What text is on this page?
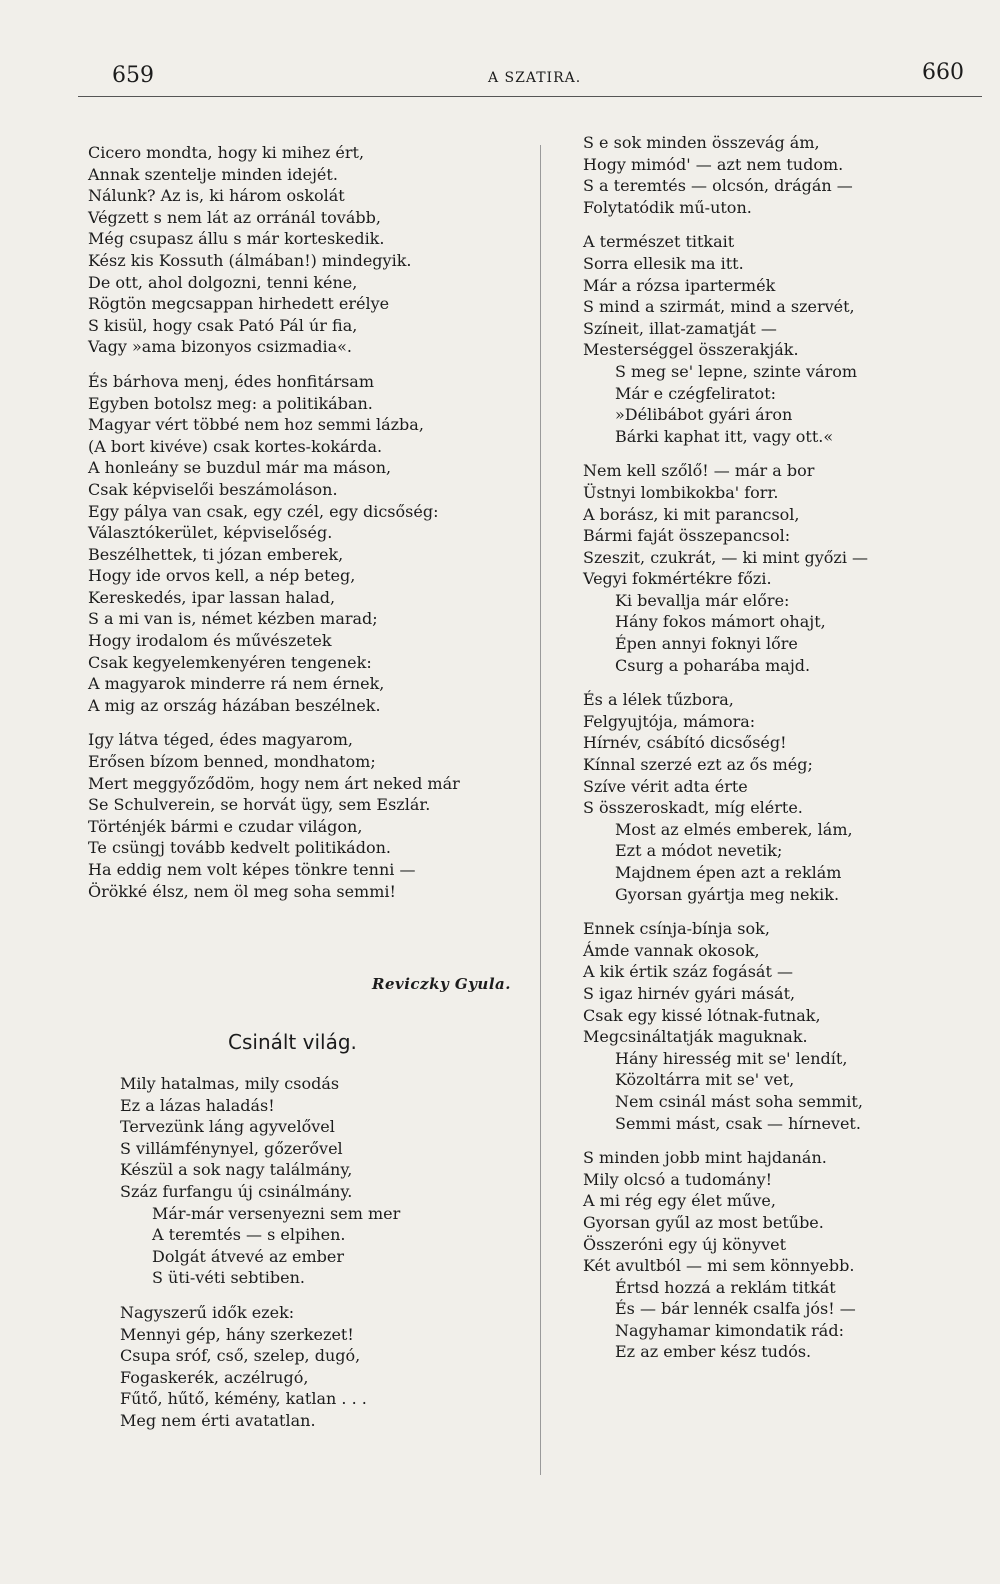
659	A SZATIRA.	660
Cicero mondta, hogy ki mihez ért,
Annak szentelje minden idejét.
Nálunk? Az is, ki három oskolát
Végzett s nem lát az orránál tovább,
Még csupasz állu s már korteskedik.
Kész kis Kossuth (álmában!) mindegyik.
De ott, ahol dolgozni, tenni kéne,
Rögtön megcsappan hirhedett erélye
S kisül, hogy csak Pató Pál úr fia,
Vagy »ama bizonyos csizmadia«.
És bárhova menj, édes honfitársam
Egyben botolsz meg: a politikában.
Magyar vért többé nem hoz semmi lázba,
(A bort kivéve) csak kortes-kokárda.
A honleány se buzdul már ma máson,
Csak képviselői beszámoláson.
Egy pálya van csak, egy czél, egy dicsőség:
Választókerület, képviselőség.
Beszélhettek, ti józan emberek,
Hogy ide orvos kell, a nép beteg,
Kereskedés, ipar lassan halad,
S a mi van is, német kézben marad;
Hogy irodalom és művészetek
Csak kegyelemkenyéren tengenek:
A magyarok minderre rá nem érnek,
A mig az ország házában beszélnek.
Igy látva téged, édes magyarom,
Erősen bízom benned, mondhatom;
Mert meggyőződöm, hogy nem árt neked már
Se Schulverein, se horvát ügy, sem Eszlár.
Történjék bármi e czudar világon,
Te csüngj tovább kedvelt politikádon.
Ha eddig nem volt képes tönkre tenni —
Örökké élsz, nem öl meg soha semmi!
Reviczky Gyula.
Csinált világ.
Mily hatalmas, mily csodás
Ez a lázas haladás!
Tervezünk láng agyvelővel
S villámfénynyel, gőzerővel
Készül a sok nagy találmány,
Száz furfangu új csinálmány.
Már-már versenyezni sem mer
A teremtés — s elpihen.
Dolgát átvevé az ember
S üti-véti sebtiben.
Nagyszerű idők ezek:
Mennyi gép, hány szerkezet!
Csupa sróf, cső, szelep, dugó,
Fogaskerék, aczélrugó,
Fűtő, hűtő, kémény, katlan . . .
Meg nem érti avatatlan.
S e sok minden összevág ám,
Hogy mimód' — azt nem tudom.
S a teremtés — olcsón, drágán —
Folytatódik mű-uton.
A természet titkait
Sorra ellesik ma itt.
Már a rózsa ipartermék
S mind a szirmát, mind a szervét,
Színeit, illat-zamatját —
Mesterséggel összerakják.
S meg se' lepne, szinte várom
Már e czégfeliratot:
»Délibábot gyári áron
Bárki kaphat itt, vagy ott.«
Nem kell szőlő! — már a bor
Üstnyi lombikokba' forr.
A borász, ki mit parancsol,
Bármi faját összepancsol:
Szeszit, czukrát, — ki mint győzi —
Vegyi fokmértékre főzi.
Ki bevallja már előre:
Hány fokos mámort ohajt,
Épen annyi foknyi lőre
Csurg a poharába majd.
És a lélek tűzbora,
Felgyujtója, mámora:
Hírnév, csábító dicsőség!
Kínnal szerzé ezt az ős még;
Szíve vérit adta érte
S összeroskadt, míg elérte.
Most az elmés emberek, lám,
Ezt a módot nevetik;
Majdnem épen azt a reklám
Gyorsan gyártja meg nekik.
Ennek csínja-bínja sok,
Ámde vannak okosok,
A kik értik száz fogását —
S igaz hirnév gyári mását,
Csak egy kissé lótnak-futnak,
Megcsináltatják maguknak.
Hány hiresség mit se' lendít,
Közoltárra mit se' vet,
Nem csinál mást soha semmit,
Semmi mást, csak — hírnevet.
S minden jobb mint hajdanán.
Mily olcsó a tudomány!
A mi rég egy élet műve,
Gyorsan gyűl az most betűbe.
Összeróni egy új könyvet
Két avultból — mi sem könnyebb.
Értsd hozzá a reklám titkát
És — bár lennék csalfa jós! —
Nagyhamar kimondatik rád:
Ez az ember kész tudós.
